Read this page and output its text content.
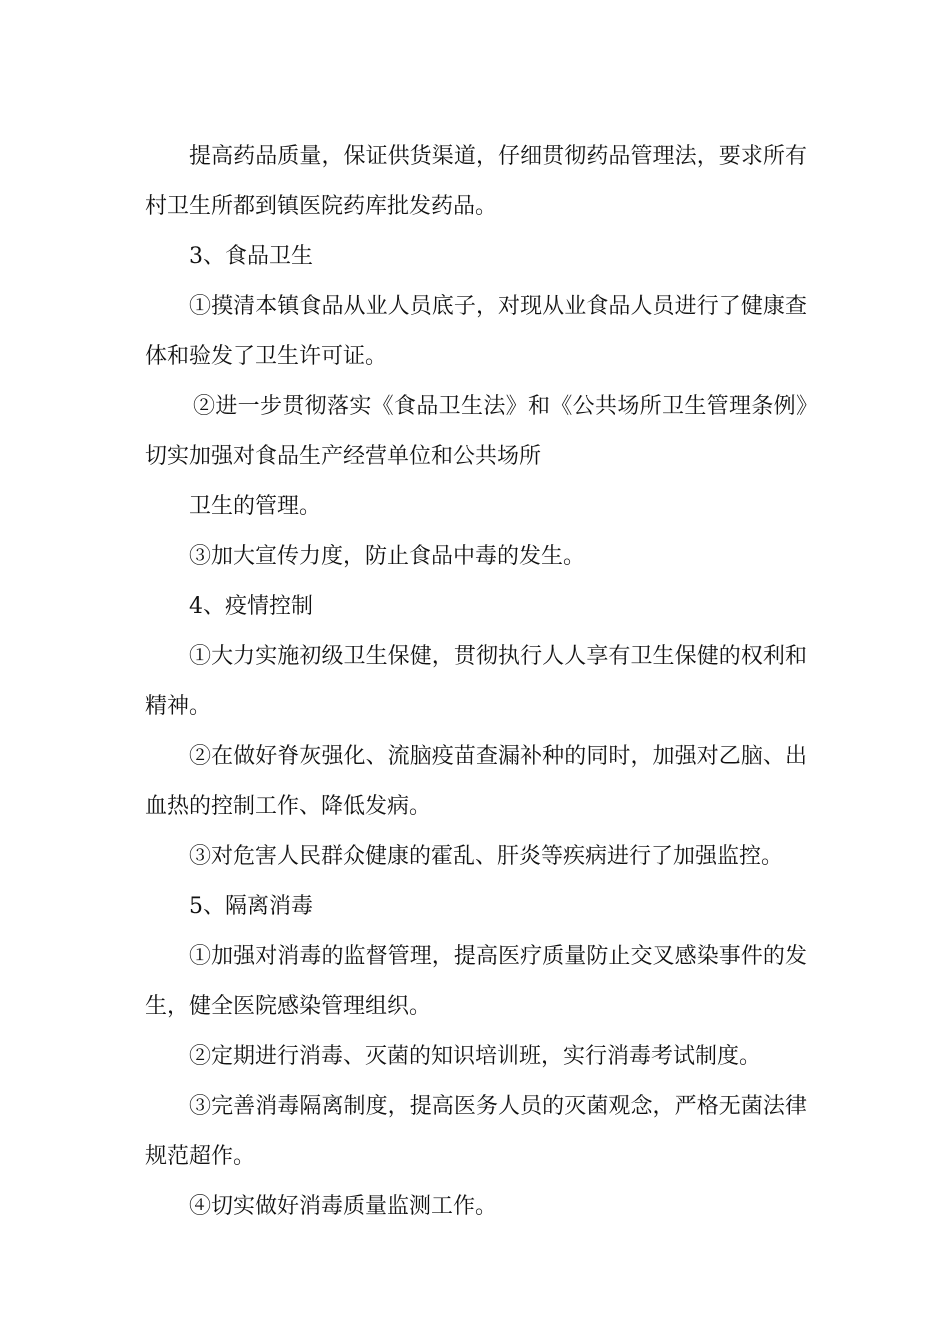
提高药品质量，保证供货渠道，仔细贯彻药品管理法，要求所有村卫生所都到镇医院药库批发药品。

3、食品卫生

①摸清本镇食品从业人员底子，对现从业食品人员进行了健康查体和验发了卫生许可证。

②进一步贯彻落实《食品卫生法》和《公共场所卫生管理条例》切实加强对食品生产经营单位和公共场所

卫生的管理。

③加大宣传力度，防止食品中毒的发生。

4、疫情控制

①大力实施初级卫生保健，贯彻执行人人享有卫生保健的权利和精神。

②在做好脊灰强化、流脑疫苗查漏补种的同时，加强对乙脑、出血热的控制工作、降低发病。

③对危害人民群众健康的霍乱、肝炎等疾病进行了加强监控。

5、隔离消毒

①加强对消毒的监督管理，提高医疗质量防止交叉感染事件的发生，健全医院感染管理组织。

②定期进行消毒、灭菌的知识培训班，实行消毒考试制度。

③完善消毒隔离制度，提高医务人员的灭菌观念，严格无菌法律规范超作。

④切实做好消毒质量监测工作。
